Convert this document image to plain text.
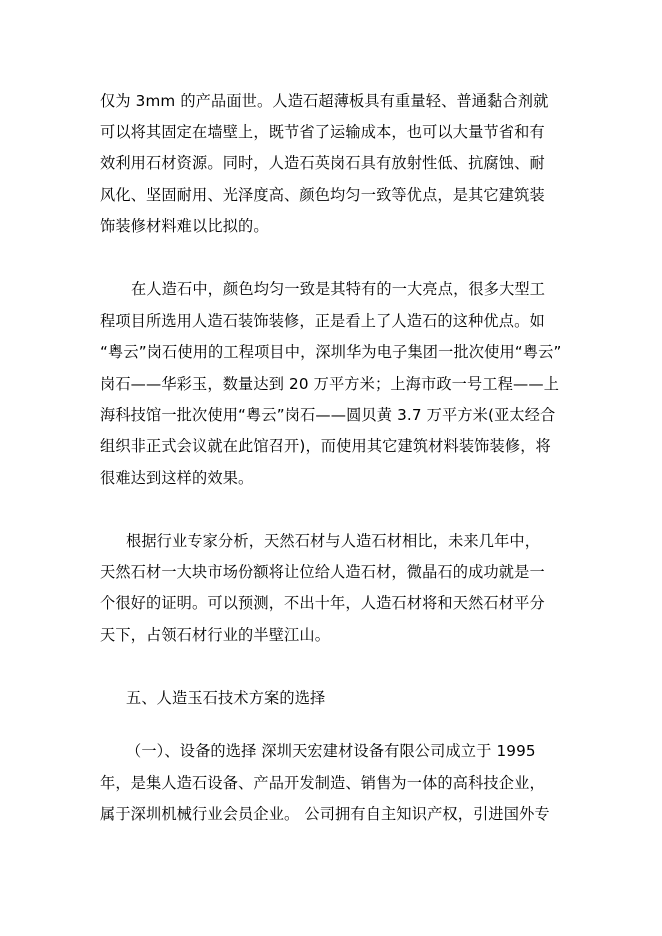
仅为 3mm 的产品面世。人造石超薄板具有重量轻、普通黏合剂就
可以将其固定在墙壁上，既节省了运输成本，也可以大量节省和有
效利用石材资源。同时，人造石英岗石具有放射性低、抗腐蚀、耐
风化、坚固耐用、光泽度高、颜色均匀一致等优点，是其它建筑装
饰装修材料难以比拟的。
在人造石中，颜色均匀一致是其特有的一大亮点，很多大型工
程项目所选用人造石装饰装修，正是看上了人造石的这种优点。如
“粤云”岗石使用的工程项目中，深圳华为电子集团一批次使用“粤云”
岗石——华彩玉，数量达到 20 万平方米；上海市政一号工程——上
海科技馆一批次使用“粤云”岗石——圆贝黄 3.7 万平方米(亚太经合
组织非正式会议就在此馆召开)，而使用其它建筑材料装饰装修，将
很难达到这样的效果。
根据行业专家分析，天然石材与人造石材相比，未来几年中，
天然石材一大块市场份额将让位给人造石材，微晶石的成功就是一
个很好的证明。可以预测，不出十年，人造石材将和天然石材平分
天下，占领石材行业的半壁江山。
五、人造玉石技术方案的选择
（一）、设备的选择 深圳天宏建材设备有限公司成立于 1995
年，是集人造石设备、产品开发制造、销售为一体的高科技企业，
属于深圳机械行业会员企业。 公司拥有自主知识产权，引进国外专
